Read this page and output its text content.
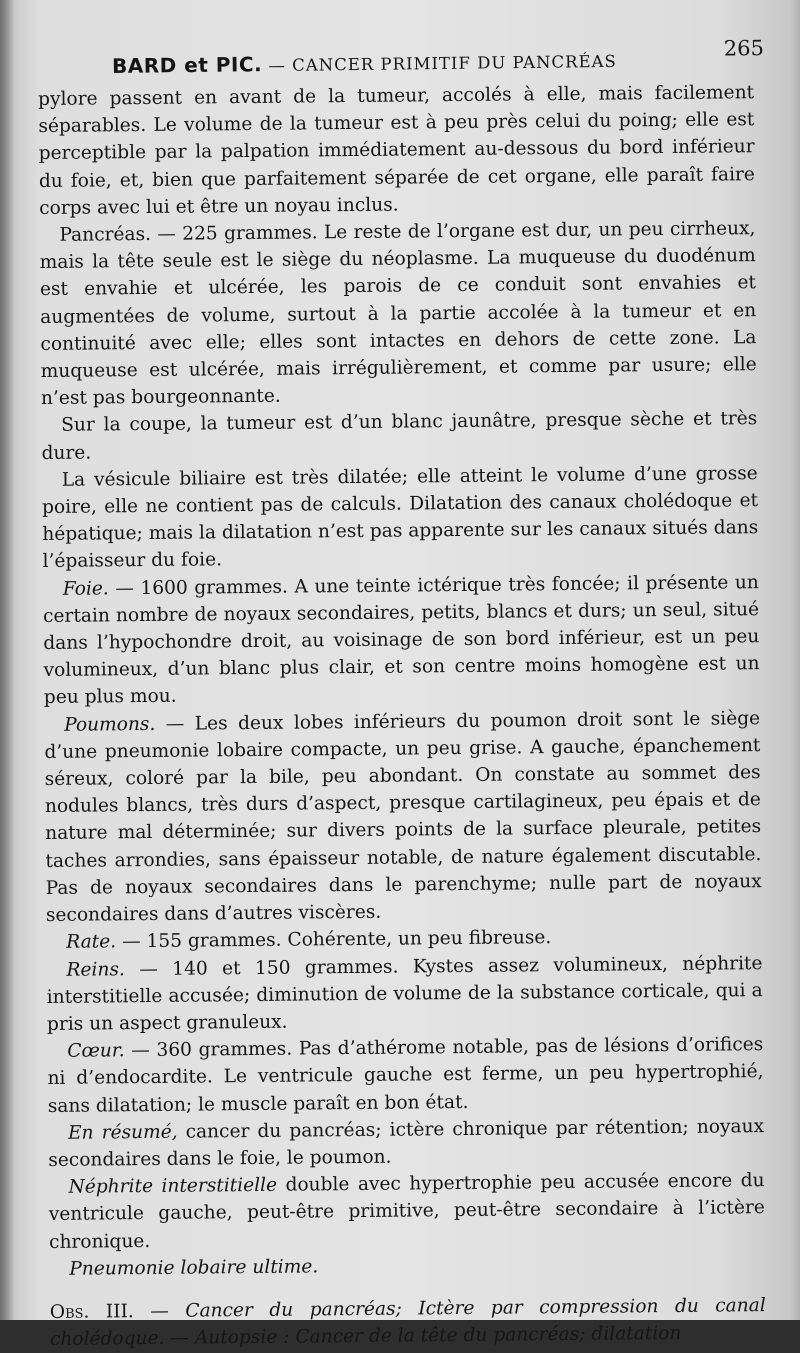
BARD et PIC. — CANCER PRIMITIF DU PANCRÉAS
265

pylore passent en avant de la tumeur, accolés à elle, mais facilement séparables. Le volume de la tumeur est à peu près celui du poing; elle est perceptible par la palpation immédiatement au-dessous du bord inférieur du foie, et, bien que parfaitement séparée de cet organe, elle paraît faire corps avec lui et être un noyau inclus.

Pancréas. — 225 grammes. Le reste de l’organe est dur, un peu cirrheux, mais la tête seule est le siège du néoplasme. La muqueuse du duodénum est envahie et ulcérée, les parois de ce conduit sont envahies et augmentées de volume, surtout à la partie accolée à la tumeur et en continuité avec elle; elles sont intactes en dehors de cette zone. La muqueuse est ulcérée, mais irrégulièrement, et comme par usure; elle n’est pas bourgeonnante.

Sur la coupe, la tumeur est d’un blanc jaunâtre, presque sèche et très dure.

La vésicule biliaire est très dilatée; elle atteint le volume d’une grosse poire, elle ne contient pas de calculs. Dilatation des canaux cholédoque et hépatique; mais la dilatation n’est pas apparente sur les canaux situés dans l’épaisseur du foie.

Foie. — 1600 grammes. A une teinte ictérique très foncée; il présente un certain nombre de noyaux secondaires, petits, blancs et durs; un seul, situé dans l’hypochondre droit, au voisinage de son bord inférieur, est un peu volumineux, d’un blanc plus clair, et son centre moins homogène est un peu plus mou.

Poumons. — Les deux lobes inférieurs du poumon droit sont le siège d’une pneumonie lobaire compacte, un peu grise. A gauche, épanchement séreux, coloré par la bile, peu abondant. On constate au sommet des nodules blancs, très durs d’aspect, presque cartilagineux, peu épais et de nature mal déterminée; sur divers points de la surface pleurale, petites taches arrondies, sans épaisseur notable, de nature également discutable. Pas de noyaux secondaires dans le parenchyme; nulle part de noyaux secondaires dans d’autres viscères.

Rate. — 155 grammes. Cohérente, un peu fibreuse.

Reins. — 140 et 150 grammes. Kystes assez volumineux, néphrite interstitielle accusée; diminution de volume de la substance corticale, qui a pris un aspect granuleux.

Cœur. — 360 grammes. Pas d’athérome notable, pas de lésions d’orifices ni d’endocardite. Le ventricule gauche est ferme, un peu hypertrophié, sans dilatation; le muscle paraît en bon état.

En résumé, cancer du pancréas; ictère chronique par rétention; noyaux secondaires dans le foie, le poumon.

Néphrite interstitielle double avec hypertrophie peu accusée encore du ventricule gauche, peut-être primitive, peut-être secondaire à l’ictère chronique.

Pneumonie lobaire ultime.

Obs. III. — Cancer du pancréas; Ictère par compression du canal cholédoque. — Autopsie : Cancer de la tête du pancréas; dilatation
